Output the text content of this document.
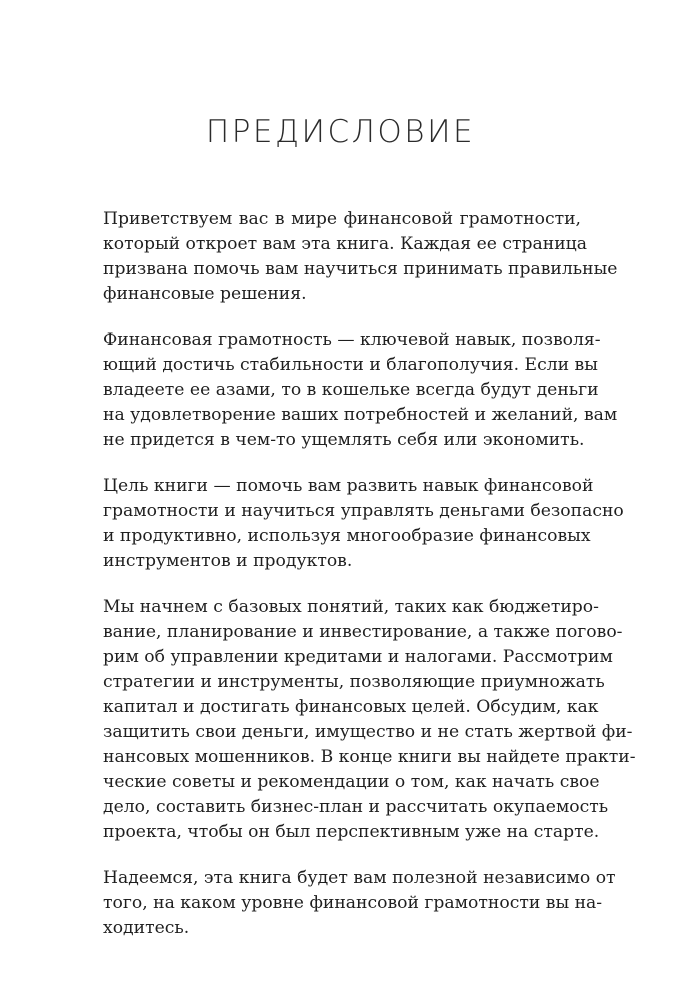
ПРЕДИСЛОВИЕ

Приветствуем вас в мире финансовой грамотности,
который откроет вам эта книга. Каждая ее страница
призвана помочь вам научиться принимать правильные
финансовые решения.

Финансовая грамотность — ключевой навык, позволя-
ющий достичь стабильности и благополучия. Если вы
владеете ее азами, то в кошельке всегда будут деньги
на удовлетворение ваших потребностей и желаний, вам
не придется в чем-то ущемлять себя или экономить.

Цель книги — помочь вам развить навык финансовой
грамотности и научиться управлять деньгами безопасно
и продуктивно, используя многообразие финансовых
инструментов и продуктов.

Мы начнем с базовых понятий, таких как бюджетиро-
вание, планирование и инвестирование, а также погово-
рим об управлении кредитами и налогами. Рассмотрим
стратегии и инструменты, позволяющие приумножать
капитал и достигать финансовых целей. Обсудим, как
защитить свои деньги, имущество и не стать жертвой фи-
нансовых мошенников. В конце книги вы найдете практи-
ческие советы и рекомендации о том, как начать свое
дело, составить бизнес-план и рассчитать окупаемость
проекта, чтобы он был перспективным уже на старте.

Надеемся, эта книга будет вам полезной независимо от
того, на каком уровне финансовой грамотности вы на-
ходитесь.
